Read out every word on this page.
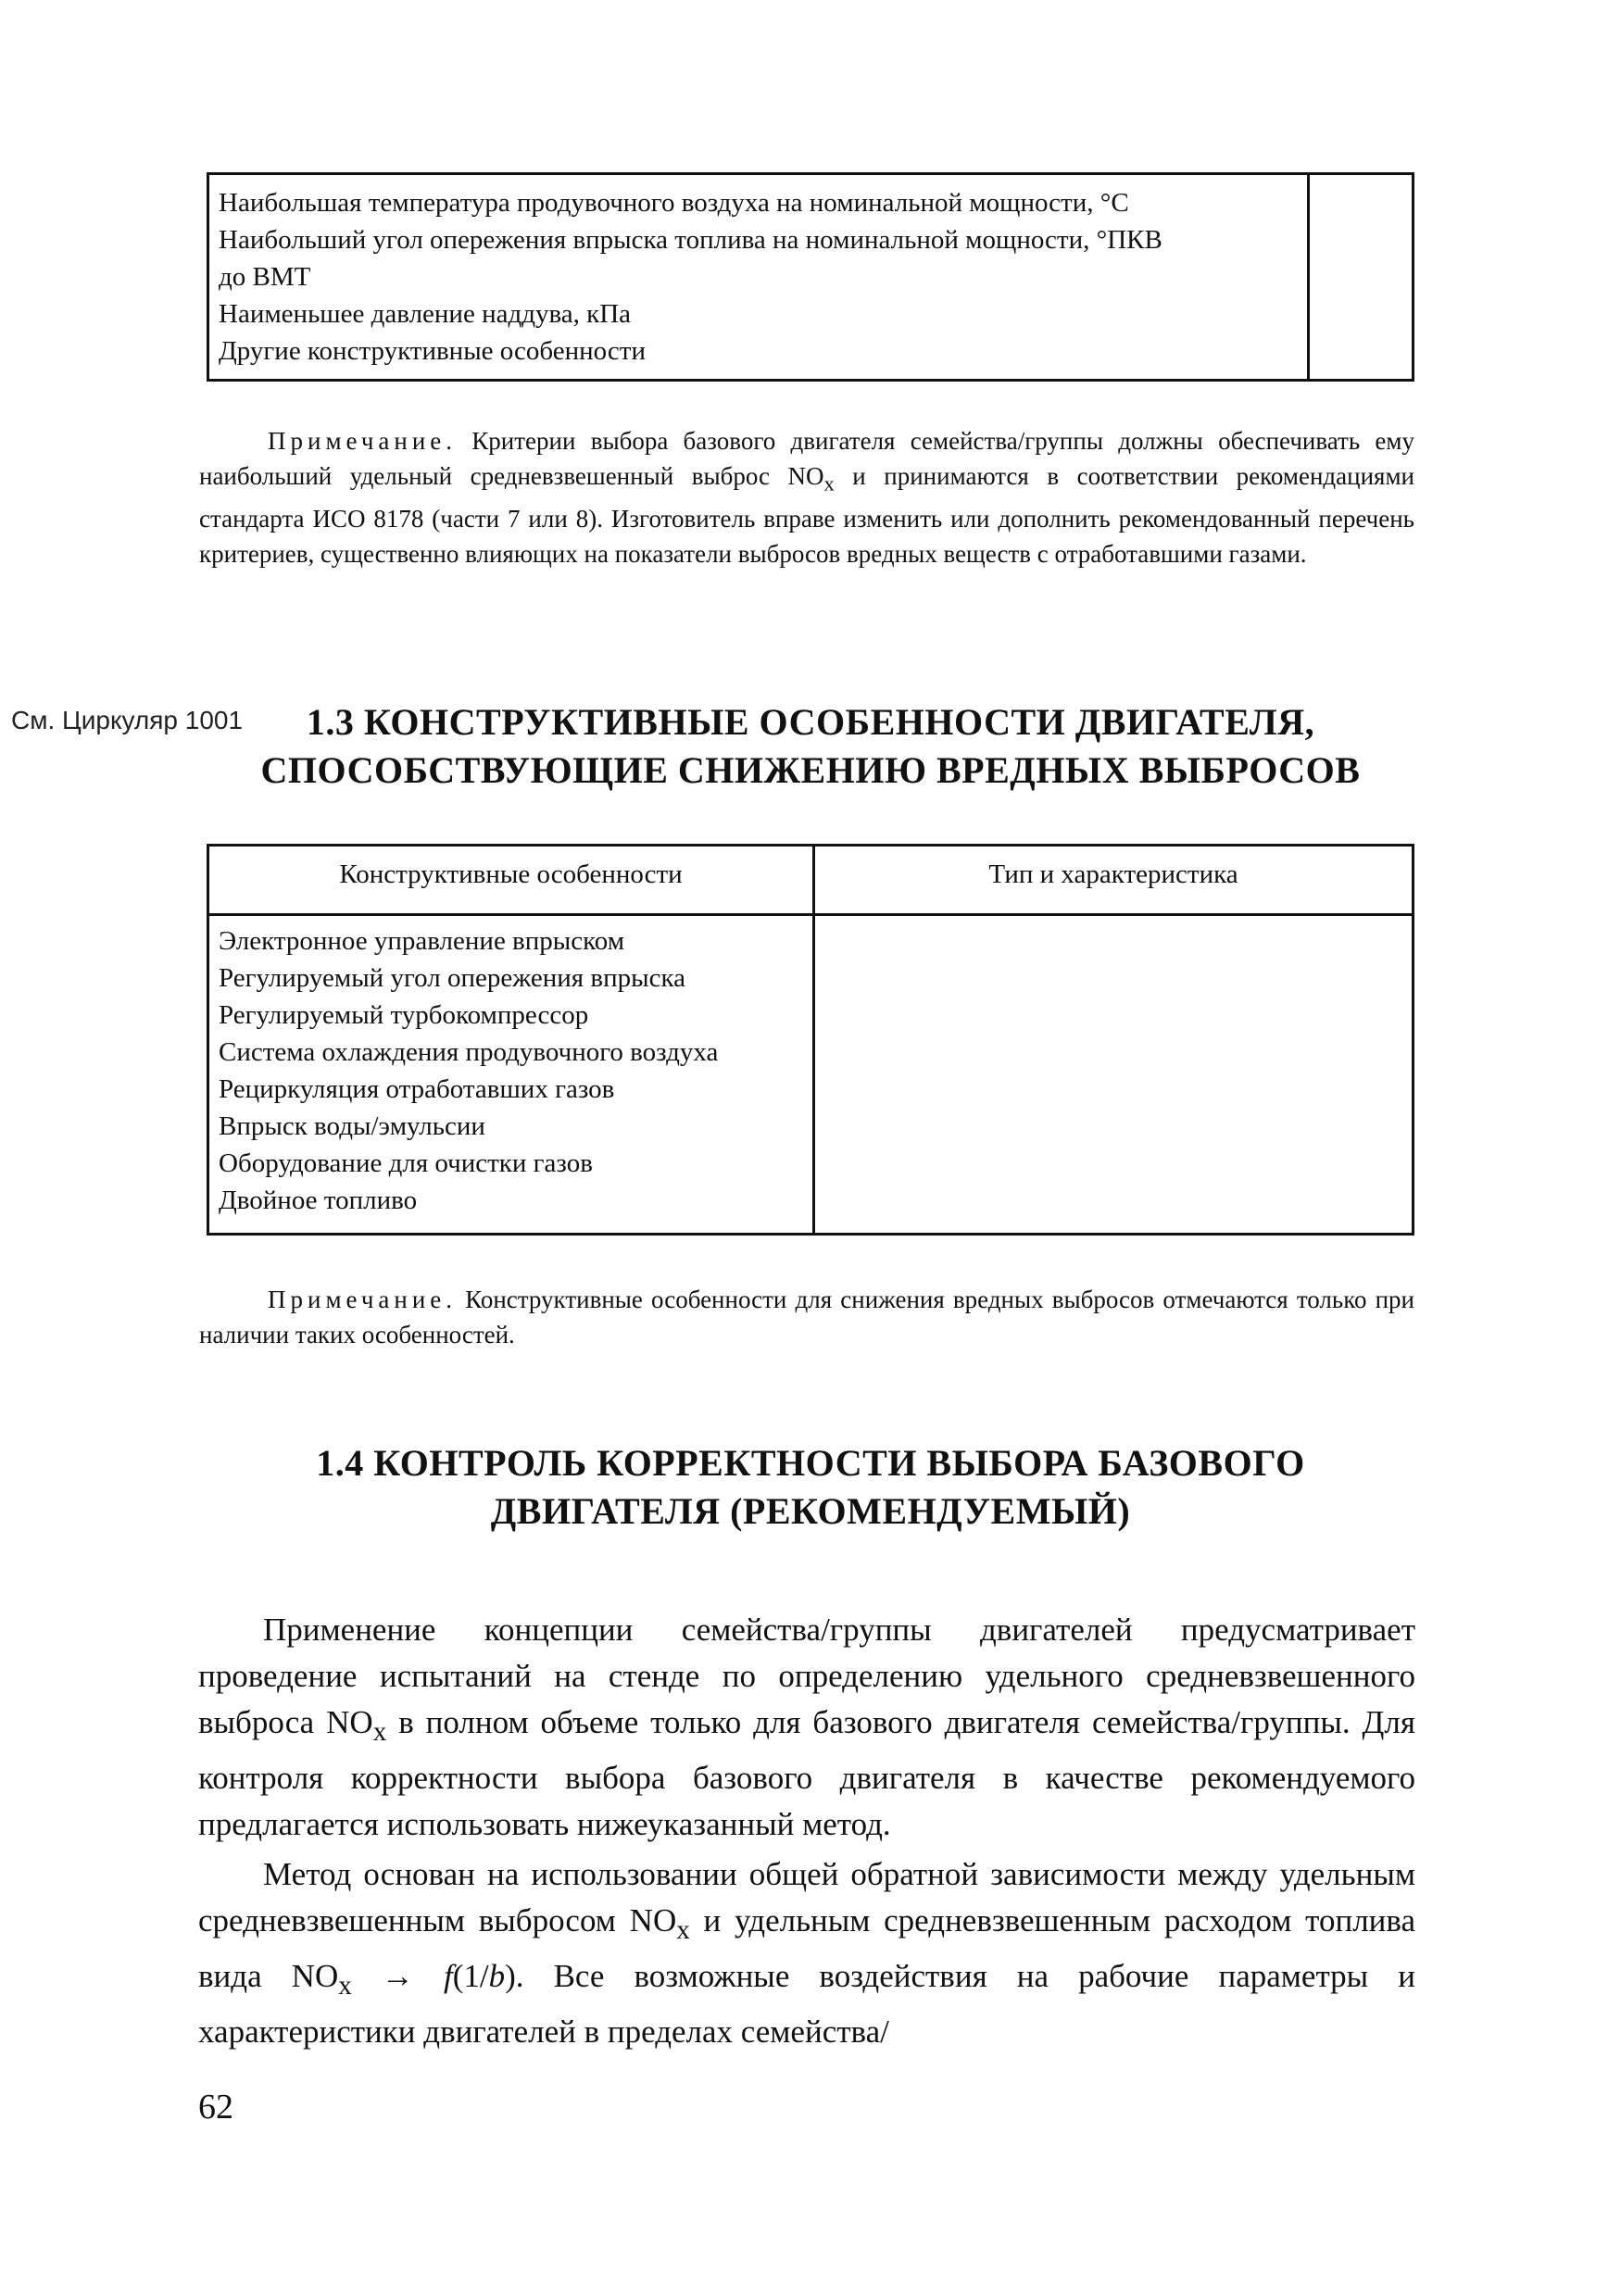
Наибольшая температура продувочного воздуха на номинальной мощности, °С
Наибольший угол опережения впрыска топлива на номинальной мощности, °ПКВ
до ВМТ
Наименьшее давление наддува, кПа
Другие конструктивные особенности
Примечание. Критерии выбора базового двигателя семейства/группы должны обеспечивать ему наибольший удельный средневзвешенный выброс $NO_x$ и принимаются в соответствии рекомендациями стандарта ИСО 8178 (части 7 или 8). Изготовитель вправе изменить или дополнить рекомендованный перечень критериев, существенно влияющих на показатели выбросов вредных веществ с отработавшими газами.
См. Циркуляр 1001	1.3 КОНСТРУКТИВНЫЕ ОСОБЕННОСТИ ДВИГАТЕЛЯ,
СПОСОБСТВУЮЩИЕ СНИЖЕНИЮ ВРЕДНЫХ ВЫБРОСОВ
Конструктивные особенности	Тип и характеристика
Электронное управление впрыском
Регулируемый угол опережения впрыска
Регулируемый турбокомпрессор
Система охлаждения продувочного воздуха
Рециркуляция отработавших газов
Впрыск воды/эмульсии
Оборудование для очистки газов
Двойное топливо
Примечание. Конструктивные особенности для снижения вредных выбросов отмечаются только при наличии таких особенностей.
1.4 КОНТРОЛЬ КОРРЕКТНОСТИ ВЫБОРА БАЗОВОГО
ДВИГАТЕЛЯ (РЕКОМЕНДУЕМЫЙ)

Применение концепции семейства/группы двигателей предусматривает проведение испытаний на стенде по определению удельного средневзвешенного выброса $NO_x$ в полном объеме только для базового двигателя семейства/группы. Для контроля корректности выбора базового двигателя в качестве рекомендуемого предлагается использовать нижеуказанный метод.

Метод основан на использовании общей обратной зависимости между удельным средневзвешенным выбросом $NO_x$ и удельным средневзвешенным расходом топлива вида $NO_x \to f(1/b)$. Все возможные воздействия на рабочие параметры и характеристики двигателей в пределах семейства/

62
